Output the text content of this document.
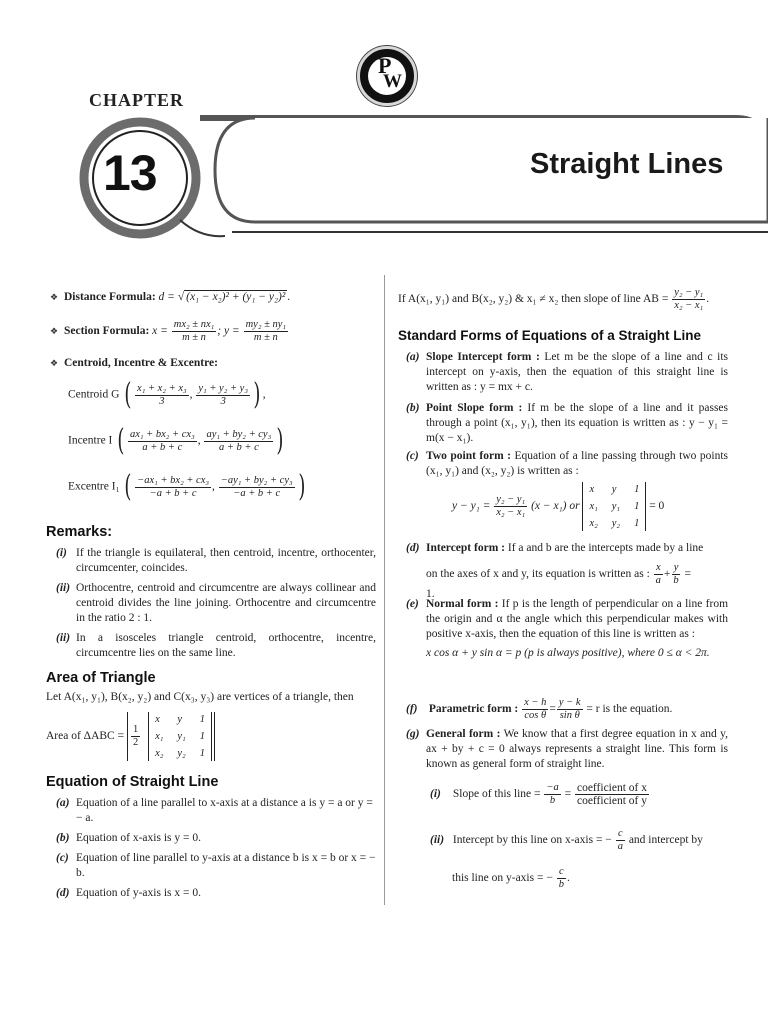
P
W
CHAPTER
13	Straight Lines
❖ Distance Formula: d = √ (x₁ − x₂)² + (y₁ − y₂)² .
❖ Section Formula: $x = \frac{\text{mx₂ ± nx₁}}{m \pm n}$ ; $y = \frac{\text{my₂ ± ny₁}}{m \pm n}$
❖ Centroid, Incentre & Excentre:
Centroid G ( $\frac{\text{x₁ + x₂ + x₃}}{3}$ , $\frac{\text{y₁ + y₂ + y₃}}{3}$ ) ,
Incentre I ( $\frac{\text{ax₁ + bx₂ + cx₃}}{a + b + c}$ , $\frac{\text{ay₁ + by₂ + cy₃}}{a + b + c}$ )
Excentre I₁ ( $\frac{\text{−ax₁ + bx₂ + cx₃}}{-a + b + c}$ , $\frac{\text{−ay₁ + by₂ + cy₃}}{-a + b + c}$ )
Remarks:
(i) If the triangle is equilateral, then centroid, incentre, orthocenter, circumcenter, coincides.
(ii) Orthocentre, centroid and circumcentre are always collinear and centroid divides the line joining. Orthocentre and circumcentre in the ratio 2 : 1.
(ii) In a isosceles triangle centroid, orthocentre, incentre, circumcentre lies on the same line.
Area of Triangle
Let A(x₁, y₁), B(x₂, y₂) and C(x₃, y₃) are vertices of a triangle, then
Area of $\Delta ABC = \frac{1}{2}$

x	y	1
x₁ y₁ 1
x₂ y₂ 1
Equation of Straight Line
(a) Equation of a line parallel to x-axis at a distance a is y = a or y = − a.
(b) Equation of x-axis is y = 0.
(c) Equation of line parallel to y-axis at a distance b is x = b or x = − b.
(d) Equation of y-axis is x = 0.
If A(x₁, y₁) and B(x₂, y₂) & x₁ ≠ x₂ then slope of line AB = $\frac{\text{y₂ − y₁}}{\text{x₂ − x₁}}$ .
Standard Forms of Equations of a Straight Line
(a) Slope Intercept form : Let m be the slope of a line and c its intercept on y-axis, then the equation of this straight line is written as : y = mx + c.
(b) Point Slope form : If m be the slope of a line and it passes through a point (x₁, y₁), then its equation is written as : y − y₁ = m(x − x₁).
(c) Two point form : Equation of a line passing through two points (x₁, y₁) and (x₂, y₂) is written as :
$y - y_1 = \frac{\text{y₂ − y₁}}{\text{x₂ − x₁}} (x - x_1)$ or
x	y	1
x₁ y₁ 1
x₂ y₂ 1
= 0
(d) Intercept form : If a and b are the intercepts made by a line
on the axes of x and y, its equation is written as : $\frac{x}{a} + \frac{y}{b}$ =
1.
(e) Normal form : If p is the length of perpendicular on a line from the origin and α the angle which this perpendicular makes with positive x-axis, then the equation of this line is written as :
x cos α + y sin α = p (p is always positive), where 0 ≤ α < 2π.
(f) Parametric form : $\frac{x - h}{\text{cos θ}} = \frac{y - k}{\text{sin θ}} = r$ is the equation.
(g) General form : We know that a first degree equation in x and y, ax + by + c = 0 always represents a straight line. This form is known as general form of straight line.
(i) Slope of this line = $\frac{-a}{b} = \frac{\text{coefficient of x}}{\text{coefficient of y}}$
(ii) Intercept by this line on x-axis = − $\frac{c}{a}$ and intercept by
this line on y-axis = − $\frac{c}{b}$ .
